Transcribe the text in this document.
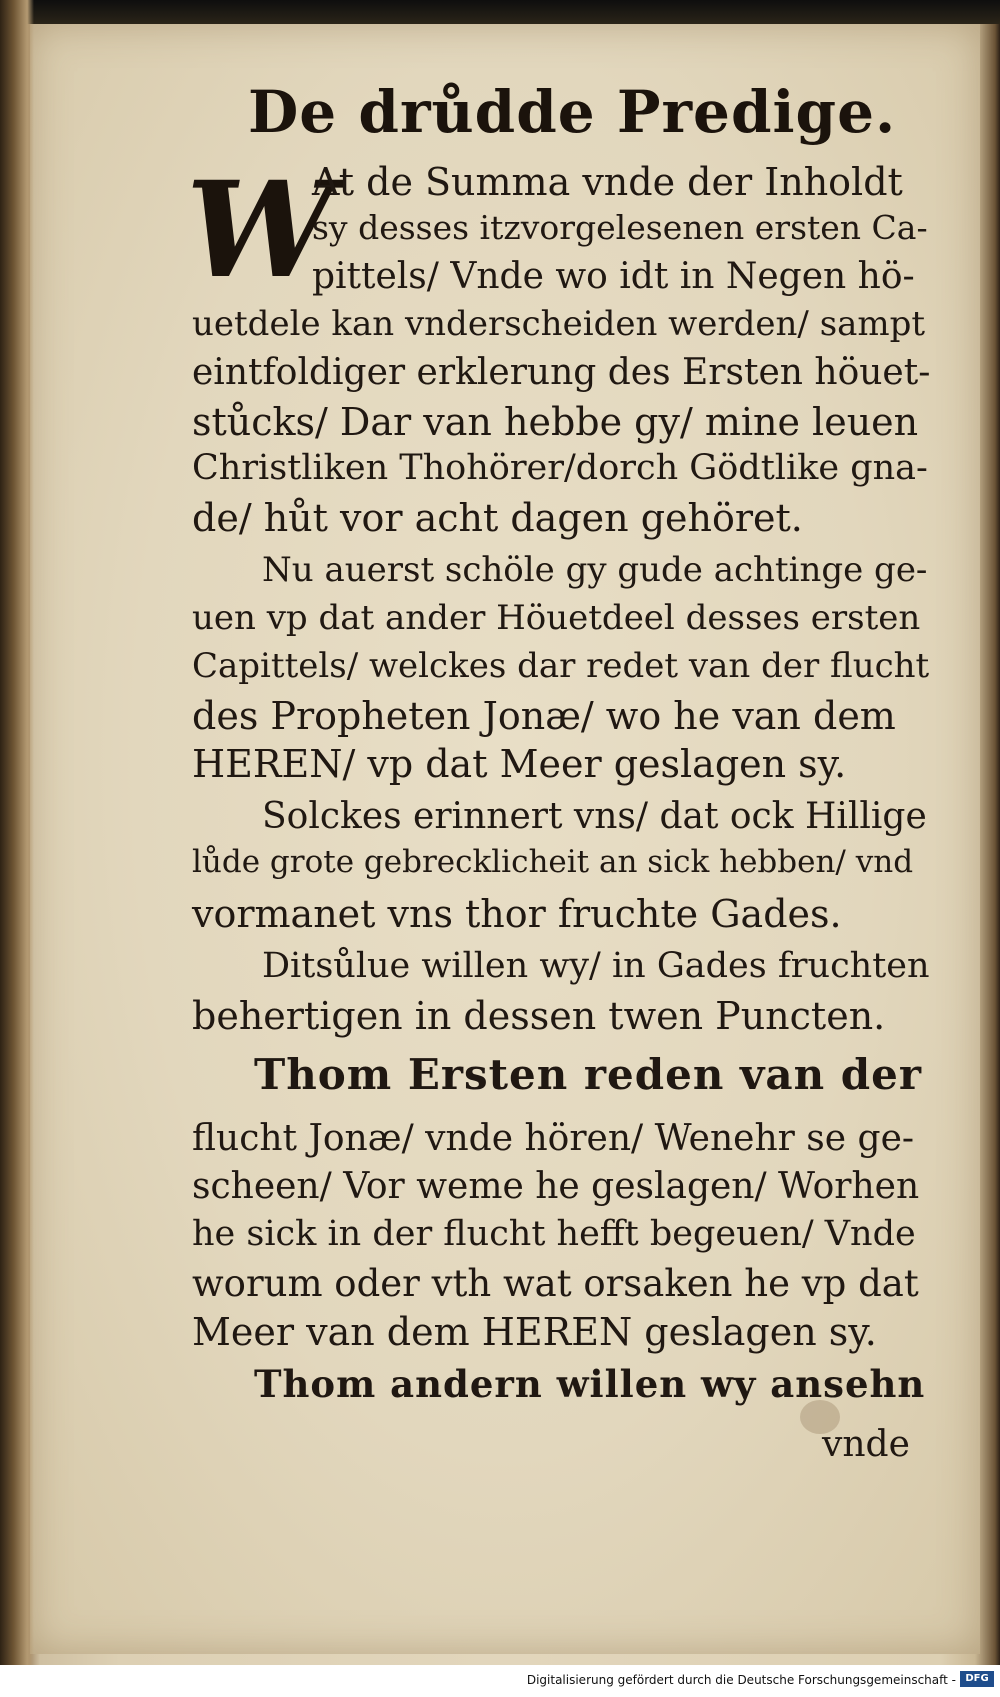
De drůdde Predige.
W
At de Summa vnde der Inholdt
sy desses itzvorgelesenen ersten Ca-
pittels/ Vnde wo idt in Negen hö-
uetdele kan vnderscheiden werden/ sampt
eintfoldiger erklerung des Ersten höuet-
stůcks/ Dar van hebbe gy/ mine leuen
Christliken Thohörer/dorch Gödtlike gna-
de/ hůt vor acht dagen gehöret.
Nu auerst schöle gy gude achtinge ge-
uen vp dat ander Höuetdeel desses ersten
Capittels/ welckes dar redet van der flucht
des Propheten Jonæ/ wo he van dem
HEREN/ vp dat Meer geslagen sy.
Solckes erinnert vns/ dat ock Hillige
lůde grote gebrecklicheit an sick hebben/ vnd
vormanet vns thor fruchte Gades.
Ditsůlue willen wy/ in Gades fruchten
behertigen in dessen twen Puncten.
Thom Ersten reden van der
flucht Jonæ/ vnde hören/ Wenehr se ge-
scheen/ Vor weme he geslagen/ Worhen
he sick in der flucht hefft begeuen/ Vnde
worum oder vth wat orsaken he vp dat
Meer van dem HEREN geslagen sy.
Thom andern willen wy ansehn
vnde
Digitalisierung gefördert durch die Deutsche Forschungsgemeinschaft - DFG
